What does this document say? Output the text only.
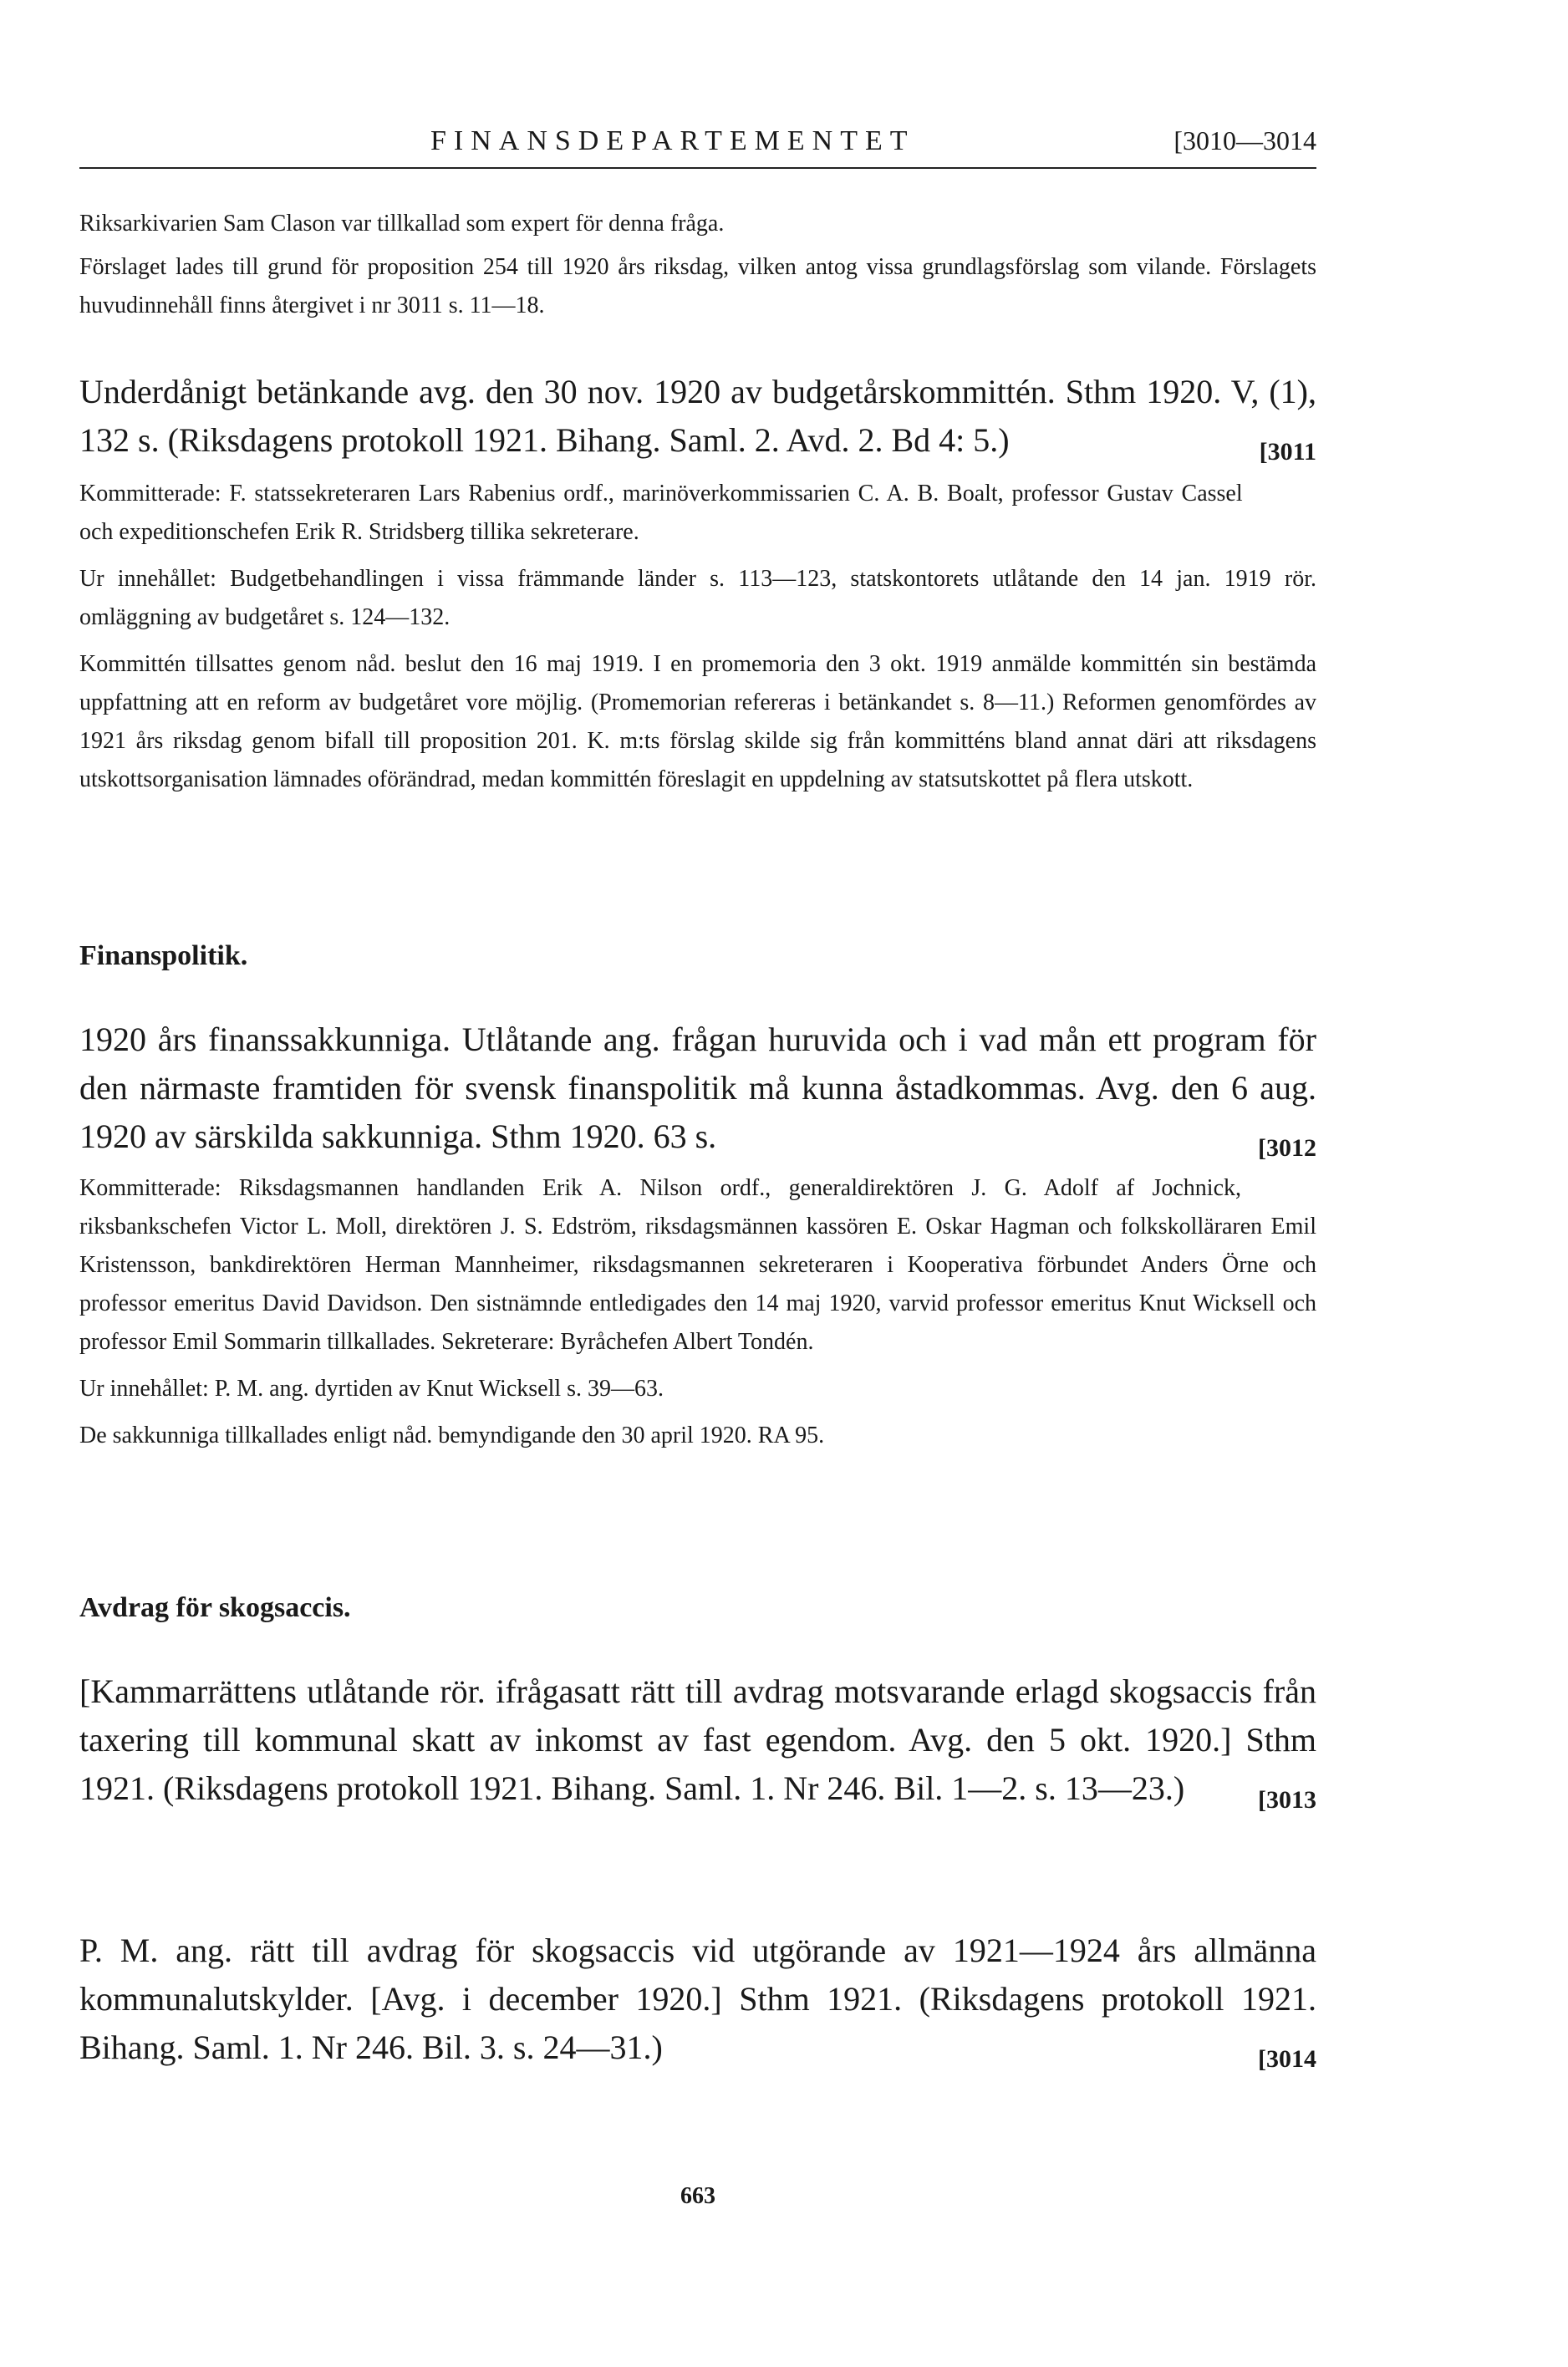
FINANSDEPARTEMENTET	[3010—3014

Riksarkivarien Sam Clason var tillkallad som expert för denna fråga.

Förslaget lades till grund för proposition 254 till 1920 års riksdag, vilken antog vissa grundlagsförslag som vilande. Förslagets huvudinnehåll finns återgivet i nr 3011 s. 11—18.

Underdånigt betänkande avg. den 30 nov. 1920 av budgetårskommittén. Sthm 1920. V, (1), 132 s. (Riksdagens protokoll 1921. Bihang. Saml. 2. Avd. 2. Bd 4: 5.)	[3011

Kommitterade: F. statssekreteraren Lars Rabenius ordf., marinöverkommissarien C. A. B. Boalt, professor Gustav Cassel och expeditionschefen Erik R. Stridsberg tillika sekreterare.

Ur innehållet: Budgetbehandlingen i vissa främmande länder s. 113—123, statskontorets utlåtande den 14 jan. 1919 rör. omläggning av budgetåret s. 124—132.

Kommittén tillsattes genom nåd. beslut den 16 maj 1919. I en promemoria den 3 okt. 1919 anmälde kommittén sin bestämda uppfattning att en reform av budgetåret vore möjlig. (Promemorian refereras i betänkandet s. 8—11.) Reformen genomfördes av 1921 års riksdag genom bifall till proposition 201. K. m:ts förslag skilde sig från kommitténs bland annat däri att riksdagens utskottsorganisation lämnades oförändrad, medan kommittén föreslagit en uppdelning av statsutskottet på flera utskott.

Finanspolitik.

1920 års finanssakkunniga. Utlåtande ang. frågan huruvida och i vad mån ett program för den närmaste framtiden för svensk finanspolitik må kunna åstadkommas. Avg. den 6 aug. 1920 av särskilda sakkunniga. Sthm 1920. 63 s.	[3012

Kommitterade: Riksdagsmannen handlanden Erik A. Nilson ordf., generaldirektören J. G. Adolf af Jochnick, riksbankschefen Victor L. Moll, direktören J. S. Edström, riksdagsmännen kassören E. Oskar Hagman och folkskolläraren Emil Kristensson, bankdirektören Herman Mannheimer, riksdagsmannen sekreteraren i Kooperativa förbundet Anders Örne och professor emeritus David Davidson. Den sistnämnde entledigades den 14 maj 1920, varvid professor emeritus Knut Wicksell och professor Emil Sommarin tillkallades. Sekreterare: Byråchefen Albert Tondén.

Ur innehållet: P. M. ang. dyrtiden av Knut Wicksell s. 39—63.

De sakkunniga tillkallades enligt nåd. bemyndigande den 30 april 1920. RA 95.

Avdrag för skogsaccis.

[Kammarrättens utlåtande rör. ifrågasatt rätt till avdrag motsvarande erlagd skogsaccis från taxering till kommunal skatt av inkomst av fast egendom. Avg. den 5 okt. 1920.] Sthm 1921. (Riksdagens protokoll 1921. Bihang. Saml. 1. Nr 246. Bil. 1—2. s. 13—23.)	[3013

P. M. ang. rätt till avdrag för skogsaccis vid utgörande av 1921—1924 års allmänna kommunalutskylder. [Avg. i december 1920.] Sthm 1921. (Riksdagens protokoll 1921. Bihang. Saml. 1. Nr 246. Bil. 3. s. 24—31.)	[3014

663
